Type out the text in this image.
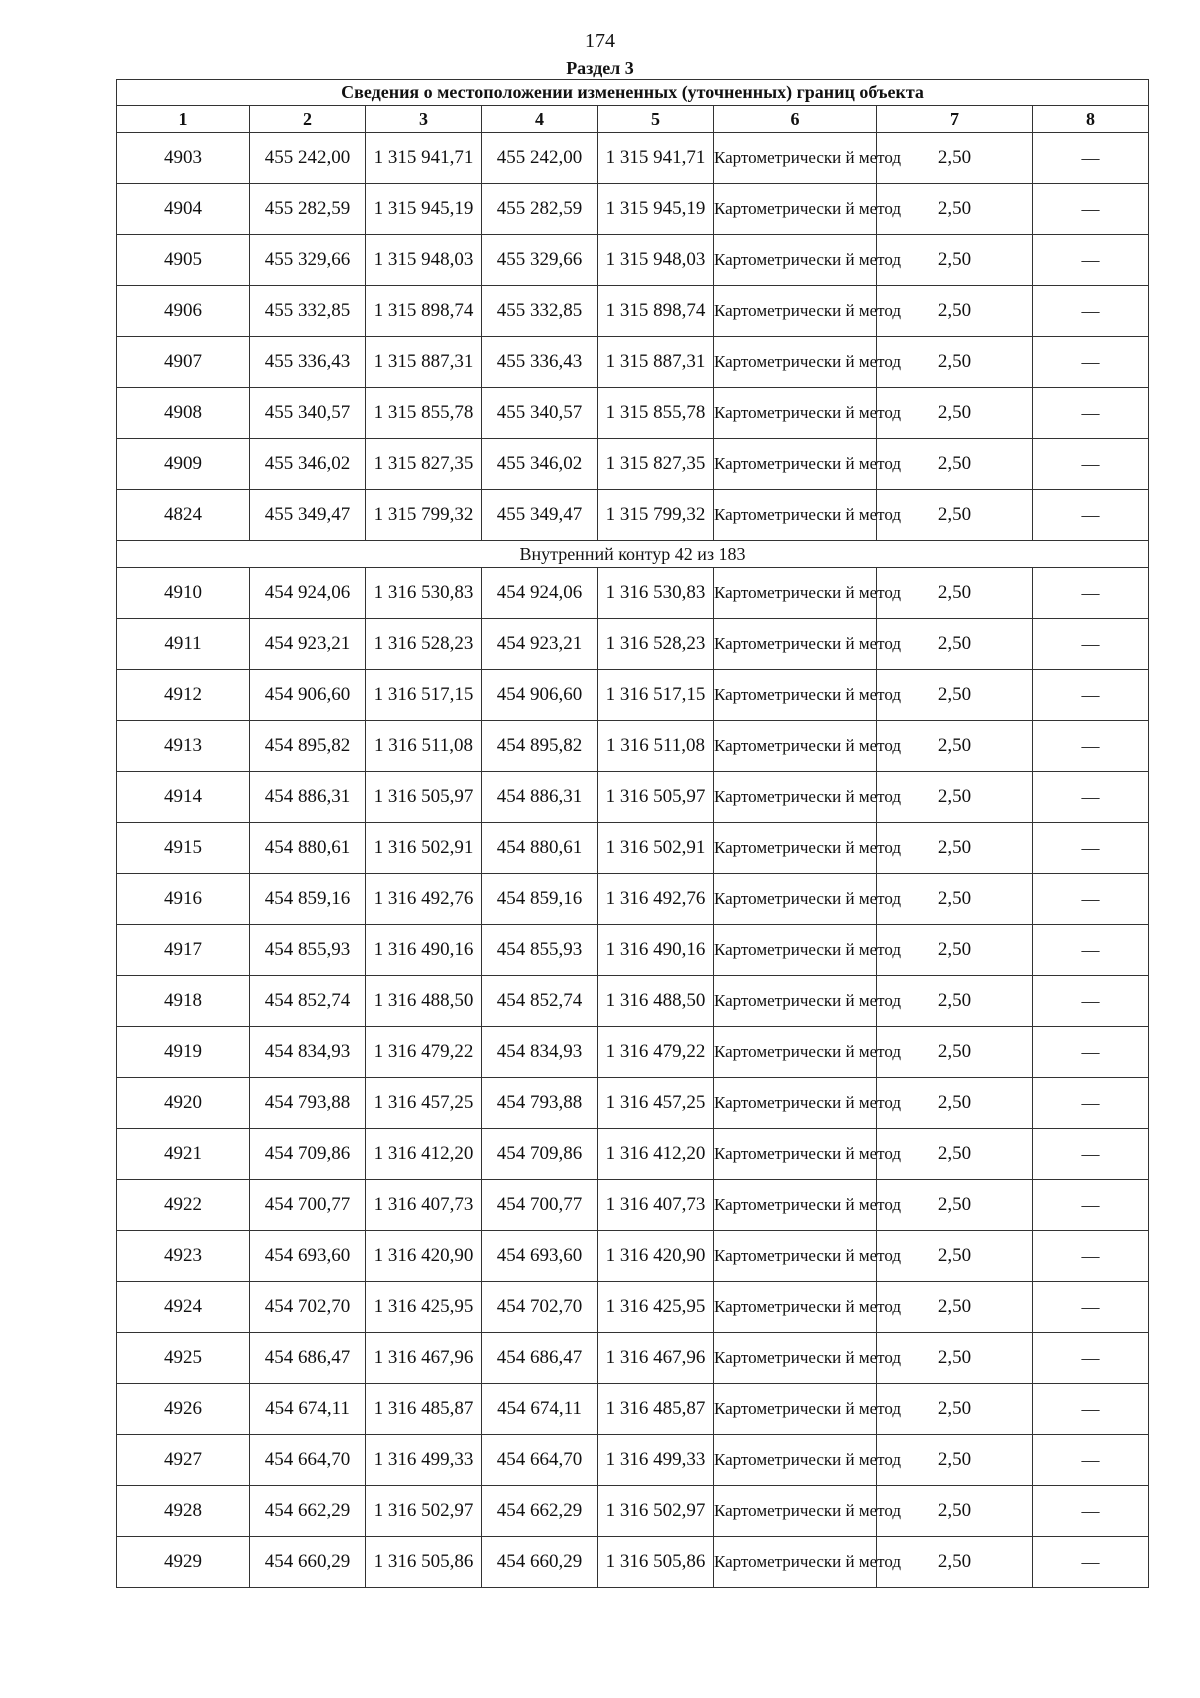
174
Раздел 3
Сведения о местоположении измененных (уточненных) границ объекта							
1	2	3	4	5	6	7	8
4903	455 242,00	1 315 941,71	455 242,00	1 315 941,71	Картометрически й метод	2,50	—
4904	455 282,59	1 315 945,19	455 282,59	1 315 945,19	Картометрически й метод	2,50	—
4905	455 329,66	1 315 948,03	455 329,66	1 315 948,03	Картометрически й метод	2,50	—
4906	455 332,85	1 315 898,74	455 332,85	1 315 898,74	Картометрически й метод	2,50	—
4907	455 336,43	1 315 887,31	455 336,43	1 315 887,31	Картометрически й метод	2,50	—
4908	455 340,57	1 315 855,78	455 340,57	1 315 855,78	Картометрически й метод	2,50	—
4909	455 346,02	1 315 827,35	455 346,02	1 315 827,35	Картометрически й метод	2,50	—
4824	455 349,47	1 315 799,32	455 349,47	1 315 799,32	Картометрически й метод	2,50	—
Внутренний контур 42 из 183							
4910	454 924,06	1 316 530,83	454 924,06	1 316 530,83	Картометрически й метод	2,50	—
4911	454 923,21	1 316 528,23	454 923,21	1 316 528,23	Картометрически й метод	2,50	—
4912	454 906,60	1 316 517,15	454 906,60	1 316 517,15	Картометрически й метод	2,50	—
4913	454 895,82	1 316 511,08	454 895,82	1 316 511,08	Картометрически й метод	2,50	—
4914	454 886,31	1 316 505,97	454 886,31	1 316 505,97	Картометрически й метод	2,50	—
4915	454 880,61	1 316 502,91	454 880,61	1 316 502,91	Картометрически й метод	2,50	—
4916	454 859,16	1 316 492,76	454 859,16	1 316 492,76	Картометрически й метод	2,50	—
4917	454 855,93	1 316 490,16	454 855,93	1 316 490,16	Картометрически й метод	2,50	—
4918	454 852,74	1 316 488,50	454 852,74	1 316 488,50	Картометрически й метод	2,50	—
4919	454 834,93	1 316 479,22	454 834,93	1 316 479,22	Картометрически й метод	2,50	—
4920	454 793,88	1 316 457,25	454 793,88	1 316 457,25	Картометрически й метод	2,50	—
4921	454 709,86	1 316 412,20	454 709,86	1 316 412,20	Картометрически й метод	2,50	—
4922	454 700,77	1 316 407,73	454 700,77	1 316 407,73	Картометрически й метод	2,50	—
4923	454 693,60	1 316 420,90	454 693,60	1 316 420,90	Картометрически й метод	2,50	—
4924	454 702,70	1 316 425,95	454 702,70	1 316 425,95	Картометрически й метод	2,50	—
4925	454 686,47	1 316 467,96	454 686,47	1 316 467,96	Картометрически й метод	2,50	—
4926	454 674,11	1 316 485,87	454 674,11	1 316 485,87	Картометрически й метод	2,50	—
4927	454 664,70	1 316 499,33	454 664,70	1 316 499,33	Картометрически й метод	2,50	—
4928	454 662,29	1 316 502,97	454 662,29	1 316 502,97	Картометрически й метод	2,50	—
4929	454 660,29	1 316 505,86	454 660,29	1 316 505,86	Картометрически й метод	2,50	—
